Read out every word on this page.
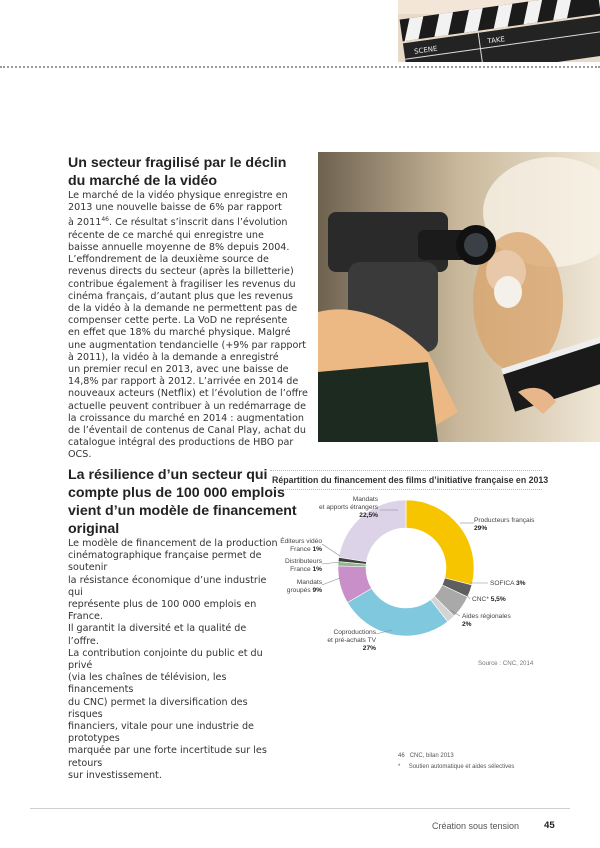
SCENE
TAKE
Un secteur fragilisé par le déclin
du marché de la vidéo

Le marché de la vidéo physique enregistre en
2013 une nouvelle baisse de 6% par rapport
à 2011$^{46}$. Ce résultat s’inscrit dans l’évolution
récente de ce marché qui enregistre une
baisse annuelle moyenne de 8% depuis 2004.
L’effondrement de la deuxième source de
revenus directs du secteur (après la billetterie)
contribue également à fragiliser les revenus du
cinéma français, d’autant plus que les revenus
de la vidéo à la demande ne permettent pas de
compenser cette perte. La VoD ne représente
en effet que 18% du marché physique. Malgré
une augmentation tendancielle (+9% par rapport
à 2011), la vidéo à la demande a enregistré
un premier recul en 2013, avec une baisse de
14,8% par rapport à 2012. L’arrivée en 2014 de
nouveaux acteurs (Netflix) et l’évolution de l’offre
actuelle peuvent contribuer à un redémarrage de
la croissance du marché en 2014 : augmentation
de l’éventail de contenus de Canal Play, achat du
catalogue intégral des productions de HBO par
OCS.

La résilience d’un secteur qui
compte plus de 100 000 emplois
vient d’un modèle de financement
original

Le modèle de financement de la production
cinématographique française permet de soutenir
la résistance économique d’une industrie qui
représente plus de 100 000 emplois en France.
Il garantit la diversité et la qualité de l’offre.
La contribution conjointe du public et du privé
(via les chaînes de télévision, les financements
du CNC) permet la diversification des risques
financiers, vitale pour une industrie de prototypes
marquée par une forte incertitude sur les retours
sur investissement.

Répartition du financement des films d’initiative française en 2013
Mandats
et apports étrangers
22,5%
Producteurs français
29%
Éditeurs vidéo
France 1%
Distributeurs
France 1%
Mandats
groupés 9%
SOFICA 3%
CNC* 5,5%
Aides régionales
2%
Coproductions
et pré-achats TV
27%
Source : CNC, 2014
46 CNC, bilan 2013
* Soutien automatique et aides sélectives
Création sous tension	45
